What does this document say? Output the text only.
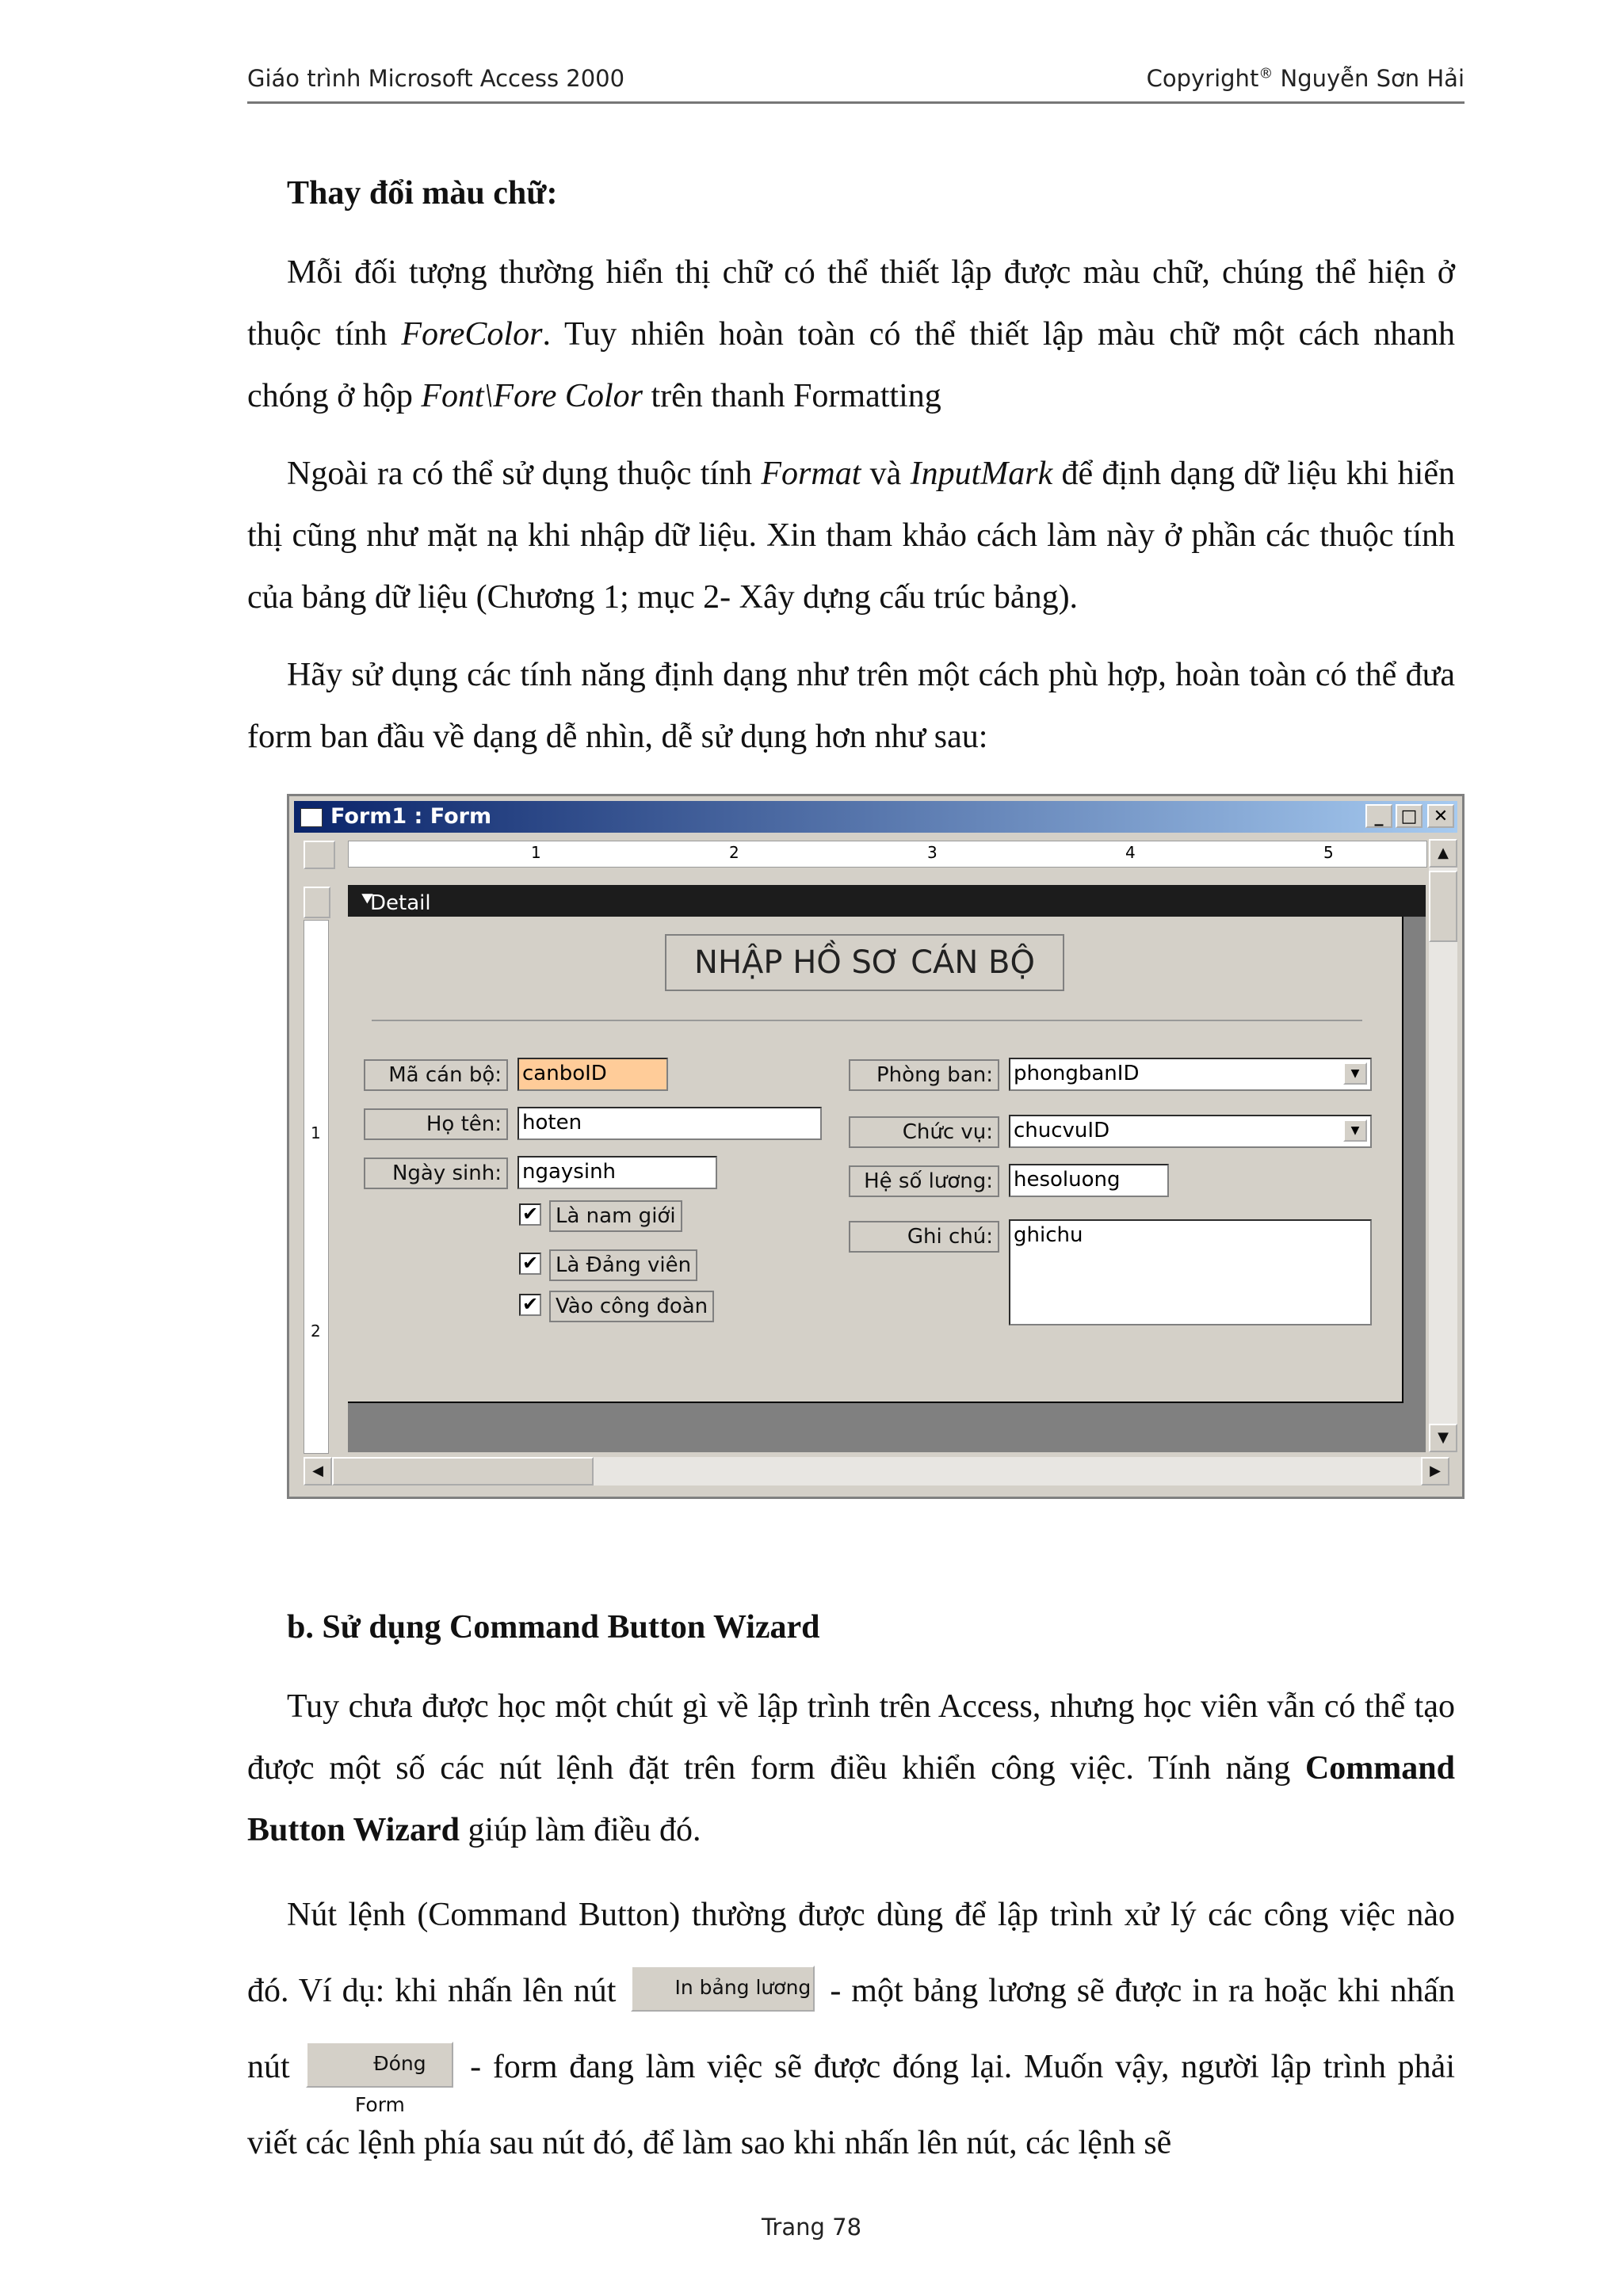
Giáo trình Microsoft Access 2000	Copyright® Nguyễn Sơn Hải
Thay đổi màu chữ:

Mỗi đối tượng thường hiển thị chữ có thể thiết lập được màu chữ, chúng thể hiện ở thuộc tính ForeColor. Tuy nhiên hoàn toàn có thể thiết lập màu chữ một cách nhanh chóng ở hộp Font\Fore Color trên thanh Formatting

Ngoài ra có thể sử dụng thuộc tính Format và InputMark để định dạng dữ liệu khi hiển thị cũng như mặt nạ khi nhập dữ liệu. Xin tham khảo cách làm này ở phần các thuộc tính của bảng dữ liệu (Chương 1; mục 2- Xây dựng cấu trúc bảng).

Hãy sử dụng các tính năng định dạng như trên một cách phù hợp, hoàn toàn có thể đưa form ban đầu về dạng dễ nhìn, dễ sử dụng hơn như sau:

Form1 : Form	_	□ ✕
1	2	3	4	5
1
2
⯆
Detail
NHẬP HỒ SƠ CÁN BỘ
Mã cán bộ:	canboID
Họ tên:	hoten
Ngày sinh:	ngaysinh
✔ Là nam giới
✔ Là Đảng viên
✔ Vào công đoàn
Phòng ban:	phongbanID	▼
Chức vụ:	chucvuID	▼
Hệ số lương:	hesoluong
Ghi chú:	ghichu
▲
▼
◀	▶
b. Sử dụng Command Button Wizard

Tuy chưa được học một chút gì về lập trình trên Access, nhưng học viên vẫn có thể tạo được một số các nút lệnh đặt trên form điều khiển công việc. Tính năng Command Button Wizard giúp làm điều đó.

Nút lệnh (Command Button) thường được dùng để lập trình xử lý các công việc nào đó. Ví dụ: khi nhấn lên nút In bảng lương - một bảng lương sẽ được in ra hoặc khi nhấn nút	Đóng Form - form đang làm việc sẽ được đóng lại. Muốn vậy, người lập trình phải viết các lệnh phía sau nút đó, để làm sao khi nhấn lên nút, các lệnh sẽ

Trang 78
